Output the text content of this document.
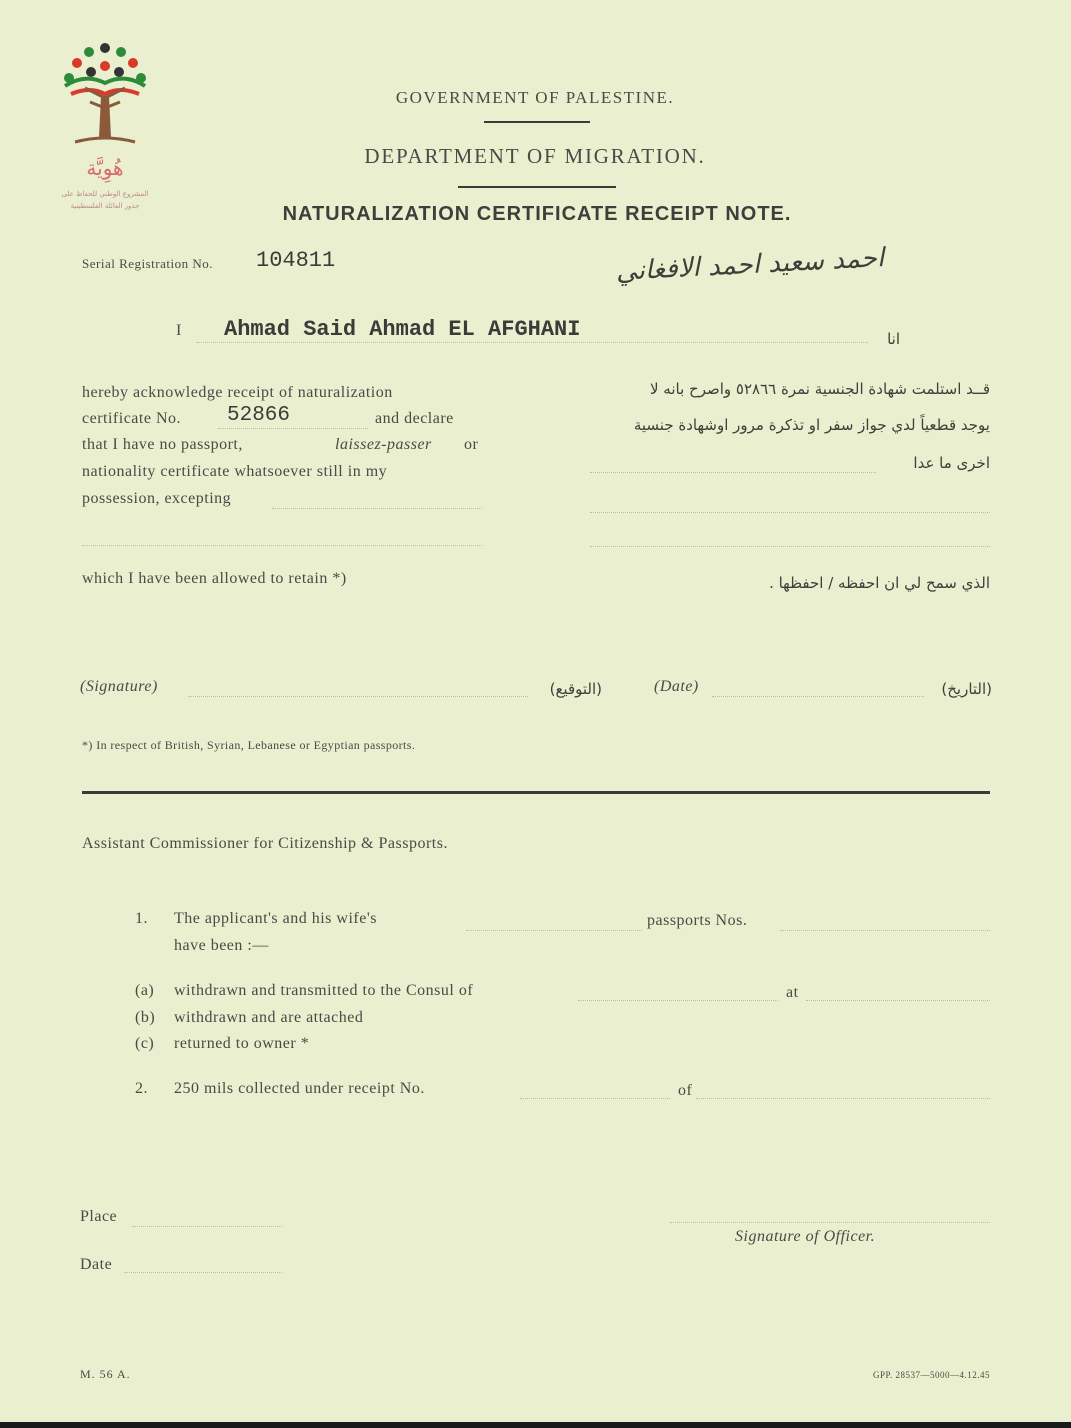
هُوِيَّة
المشروع الوطني للحفاظ على
جذور العائلة الفلسطينية
GOVERNMENT OF PALESTINE.
DEPARTMENT OF MIGRATION.
NATURALIZATION CERTIFICATE RECEIPT NOTE.
Serial Registration No. 104811	احمد سعيد احمد الافغاني
I Ahmad Said Ahmad EL AFGHANI	انا
hereby acknowledge receipt of naturalization
certificate No. 52866	and declare
that I have no passport,	laissez-passer or
nationality certificate whatsoever still in my
possession, excepting
قــد استلمت شهادة الجنسية نمرة ٥٢٨٦٦ واصرح بانه لا
يوجد قطعياً لدي جواز سفر او تذكرة مرور اوشهادة جنسية
اخرى ما عدا
which I have been allowed to retain *)	الذي سمح لي ان احفظه / احفظها .
(Signature)	(التوقيع)	(Date)	(التاريخ)
*) In respect of British, Syrian, Lebanese or Egyptian passports.
Assistant Commissioner for Citizenship & Passports.
1. The applicant's and his wife's	passports Nos.
have been :—
(a) withdrawn and transmitted to the Consul of	at
(b) withdrawn and are attached
(c) returned to owner *
2. 250 mils collected under receipt No.	of
Place
Date
Signature of Officer.
M. 56 A.	GPP. 28537—5000—4.12.45
